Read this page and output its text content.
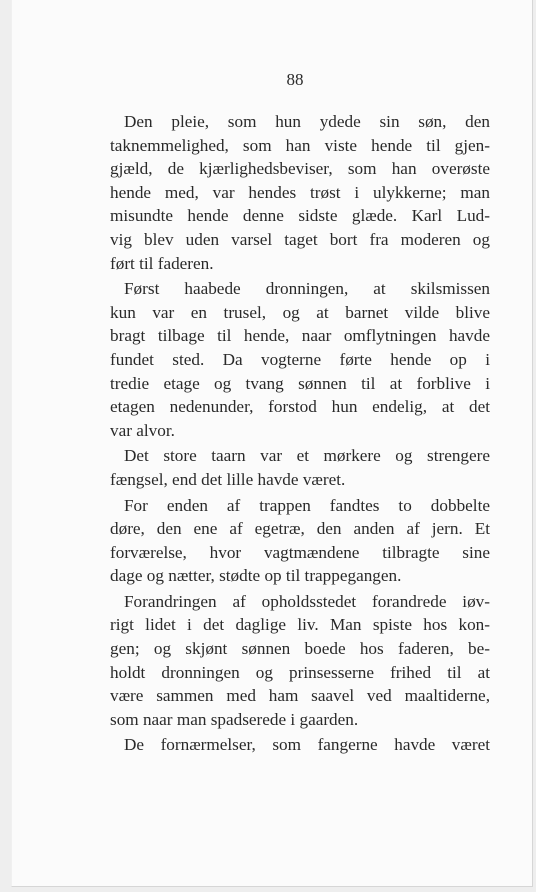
88
Den pleie, som hun ydede sin søn, den
taknemmelighed, som han viste hende til gjen-
gjæld, de kjærlighedsbeviser, som han overøste
hende med, var hendes trøst i ulykkerne; man
misundte hende denne sidste glæde. Karl Lud-
vig blev uden varsel taget bort fra moderen og
ført til faderen.
Først haabede dronningen, at skilsmissen
kun var en trusel, og at barnet vilde blive
bragt tilbage til hende, naar omflytningen havde
fundet sted. Da vogterne førte hende op i
tredie etage og tvang sønnen til at forblive i
etagen nedenunder, forstod hun endelig, at det
var alvor.
Det store taarn var et mørkere og strengere
fængsel, end det lille havde været.
For enden af trappen fandtes to dobbelte
døre, den ene af egetræ, den anden af jern. Et
forværelse, hvor vagtmændene tilbragte sine
dage og nætter, stødte op til trappegangen.
Forandringen af opholdsstedet forandrede iøv-
rigt lidet i det daglige liv. Man spiste hos kon-
gen; og skjønt sønnen boede hos faderen, be-
holdt dronningen og prinsesserne frihed til at
være sammen med ham saavel ved maaltiderne,
som naar man spadserede i gaarden.
De fornærmelser, som fangerne havde været
